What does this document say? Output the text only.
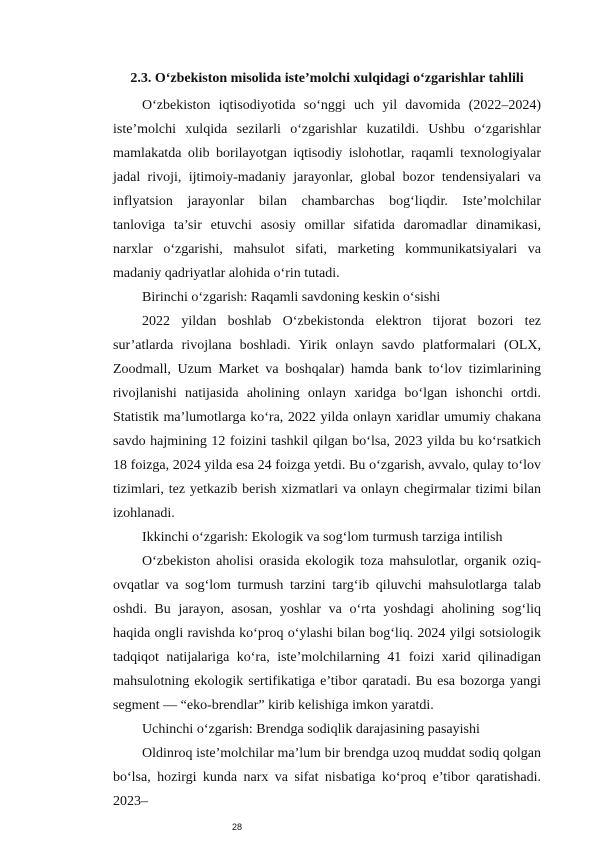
2.3. O‘zbekiston misolida iste’molchi xulqidagi o‘zgarishlar tahlili

O‘zbekiston iqtisodiyotida so‘nggi uch yil davomida (2022–2024) iste’molchi xulqida sezilarli o‘zgarishlar kuzatildi. Ushbu o‘zgarishlar mamlakatda olib borilayotgan iqtisodiy islohotlar, raqamli texnologiyalar jadal rivoji, ijtimoiy-madaniy jarayonlar, global bozor tendensiyalari va inflyatsion jarayonlar bilan chambarchas bog‘liqdir. Iste’molchilar tanloviga ta’sir etuvchi asosiy omillar sifatida daromadlar dinamikasi, narxlar o‘zgarishi, mahsulot sifati, marketing kommunikatsiyalari va madaniy qadriyatlar alohida o‘rin tutadi.

Birinchi o‘zgarish: Raqamli savdoning keskin o‘sishi

2022 yildan boshlab O‘zbekistonda elektron tijorat bozori tez sur’atlarda rivojlana boshladi. Yirik onlayn savdo platformalari (OLX, Zoodmall, Uzum Market va boshqalar) hamda bank to‘lov tizimlarining rivojlanishi natijasida aholining onlayn xaridga bo‘lgan ishonchi ortdi. Statistik ma’lumotlarga ko‘ra, 2022 yilda onlayn xaridlar umumiy chakana savdo hajmining 12 foizini tashkil qilgan bo‘lsa, 2023 yilda bu ko‘rsatkich 18 foizga, 2024 yilda esa 24 foizga yetdi. Bu o‘zgarish, avvalo, qulay to‘lov tizimlari, tez yetkazib berish xizmatlari va onlayn chegirmalar tizimi bilan izohlanadi.

Ikkinchi o‘zgarish: Ekologik va sog‘lom turmush tarziga intilish

O‘zbekiston aholisi orasida ekologik toza mahsulotlar, organik oziq-ovqatlar va sog‘lom turmush tarzini targ‘ib qiluvchi mahsulotlarga talab oshdi. Bu jarayon, asosan, yoshlar va o‘rta yoshdagi aholining sog‘liq haqida ongli ravishda ko‘proq o‘ylashi bilan bog‘liq. 2024 yilgi sotsiologik tadqiqot natijalariga ko‘ra, iste’molchilarning 41 foizi xarid qilinadigan mahsulotning ekologik sertifikatiga e’tibor qaratadi. Bu esa bozorga yangi segment — “eko-brendlar” kirib kelishiga imkon yaratdi.

Uchinchi o‘zgarish: Brendga sodiqlik darajasining pasayishi

Oldinroq iste’molchilar ma’lum bir brendga uzoq muddat sodiq qolgan bo‘lsa, hozirgi kunda narx va sifat nisbatiga ko‘proq e’tibor qaratishadi. 2023–

28
